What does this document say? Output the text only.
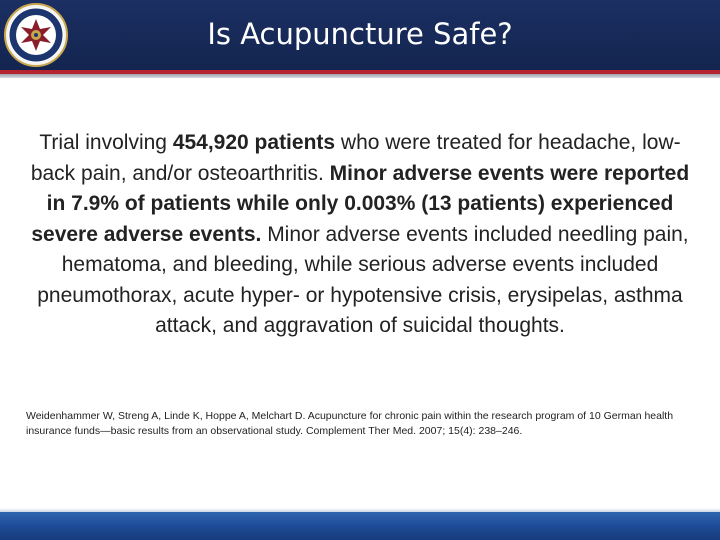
Is Acupuncture Safe?
Trial involving 454,920 patients who were treated for headache, low-back pain, and/or osteoarthritis. Minor adverse events were reported in 7.9% of patients while only 0.003% (13 patients) experienced severe adverse events. Minor adverse events included needling pain, hematoma, and bleeding, while serious adverse events included pneumothorax, acute hyper- or hypotensive crisis, erysipelas, asthma attack, and aggravation of suicidal thoughts.
Weidenhammer W, Streng A, Linde K, Hoppe A, Melchart D. Acupuncture for chronic pain within the research program of 10 German health insurance funds—basic results from an observational study. Complement Ther Med. 2007; 15(4): 238–246.
